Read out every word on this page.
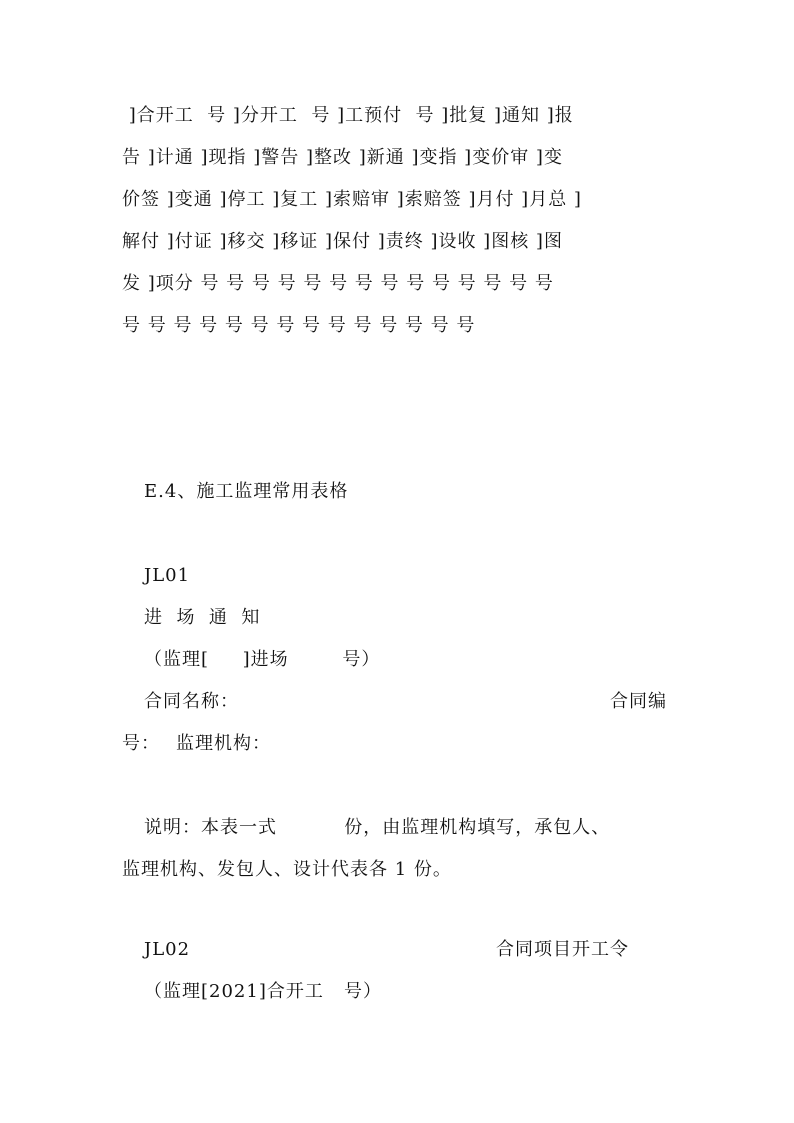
]合开工  号 ]分开工  号 ]工预付  号 ]批复 ]通知 ]报
告 ]计通 ]现指 ]警告 ]整改 ]新通 ]变指 ]变价审 ]变
价签 ]变通 ]停工 ]复工 ]索赔审 ]索赔签 ]月付 ]月总 ]
解付 ]付证 ]移交 ]移证 ]保付 ]责终 ]设收 ]图核 ]图
发 ]项分 号 号 号 号 号 号 号 号 号 号 号 号 号 号
号 号 号 号 号 号 号 号 号 号 号 号 号 号
E.4、施工监理常用表格
JL01
进  场  通  知
（监理[     ]进场        号）
合同名称：	合同编
号： 监理机构：
说明：本表一式          份，由监理机构填写，承包人、
监理机构、发包人、设计代表各 1 份。
JL02	合同项目开工令
（监理[2021]合开工   号）
